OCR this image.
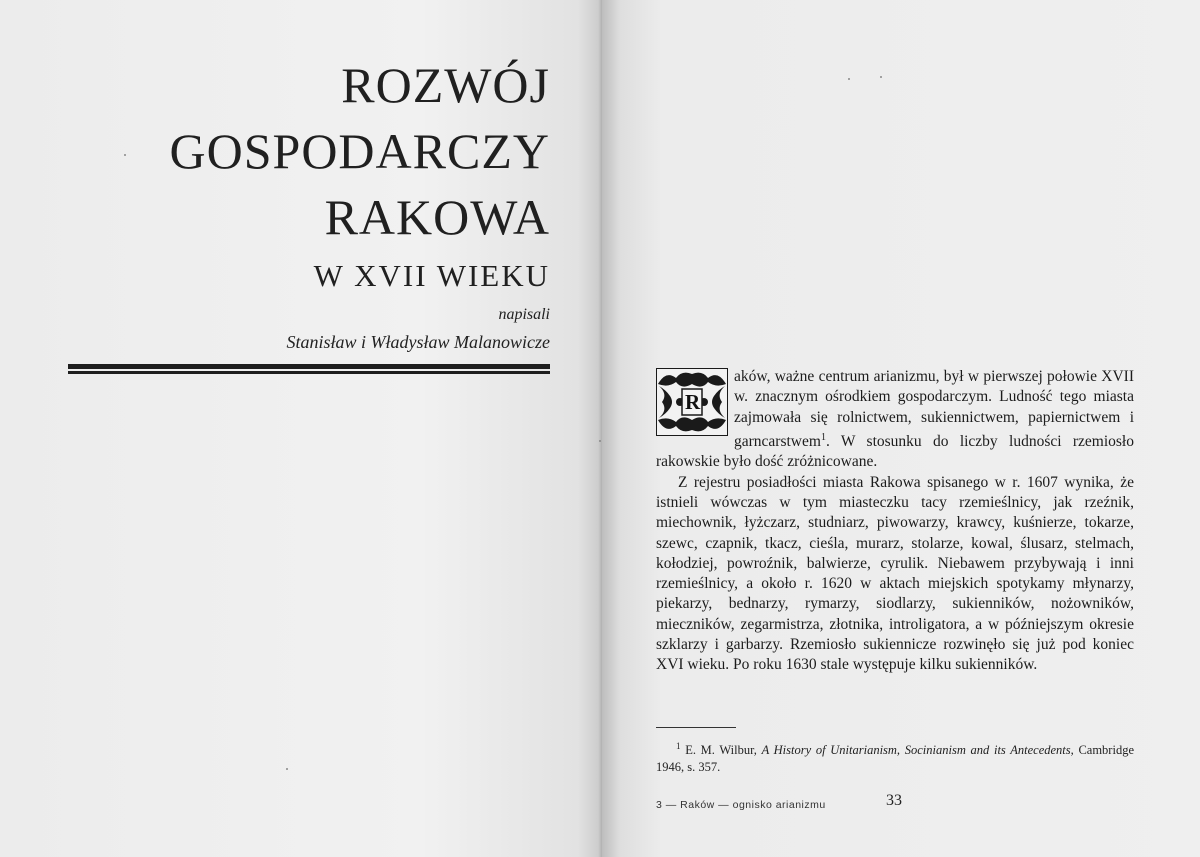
ROZWÓJ
GOSPODARCZY
RAKOWA
W XVII WIEKU
napisali
Stanisław i Władysław Malanowicze

R
aków, ważne centrum arianizmu, był w pierwszej połowie XVII w. znacznym ośrodkiem gospodarczym. Ludność tego miasta zajmowała się rolnictwem, sukiennictwem, papiernictwem i garncarstwem$^1$. W stosunku do liczby ludności rzemiosło rakowskie było dość zróżnicowane.

Z rejestru posiadłości miasta Rakowa spisanego w r. 1607 wynika, że istnieli wówczas w tym miasteczku tacy rzemieślnicy, jak rzeźnik, miechownik, łyżczarz, studniarz, piwowarzy, krawcy, kuśnierze, tokarze, szewc, czapnik, tkacz, cieśla, murarz, stolarze, kowal, ślusarz, stelmach, kołodziej, powroźnik, balwierze, cyrulik. Niebawem przybywają i inni rzemieślnicy, a około r. 1620 w aktach miejskich spotykamy młynarzy, piekarzy, bednarzy, rymarzy, siodlarzy, sukienników, nożowników, mieczników, zegarmistrza, złotnika, introligatora, a w późniejszym okresie szklarzy i garbarzy. Rzemiosło sukiennicze rozwinęło się już pod koniec XVI wieku. Po roku 1630 stale występuje kilku sukienników.

$^1$ E. M. Wilbur, A History of Unitarianism, Socinianism and its Antecedents, Cambridge 1946, s. 357.
3 — Raków — ognisko arianizmu	33
